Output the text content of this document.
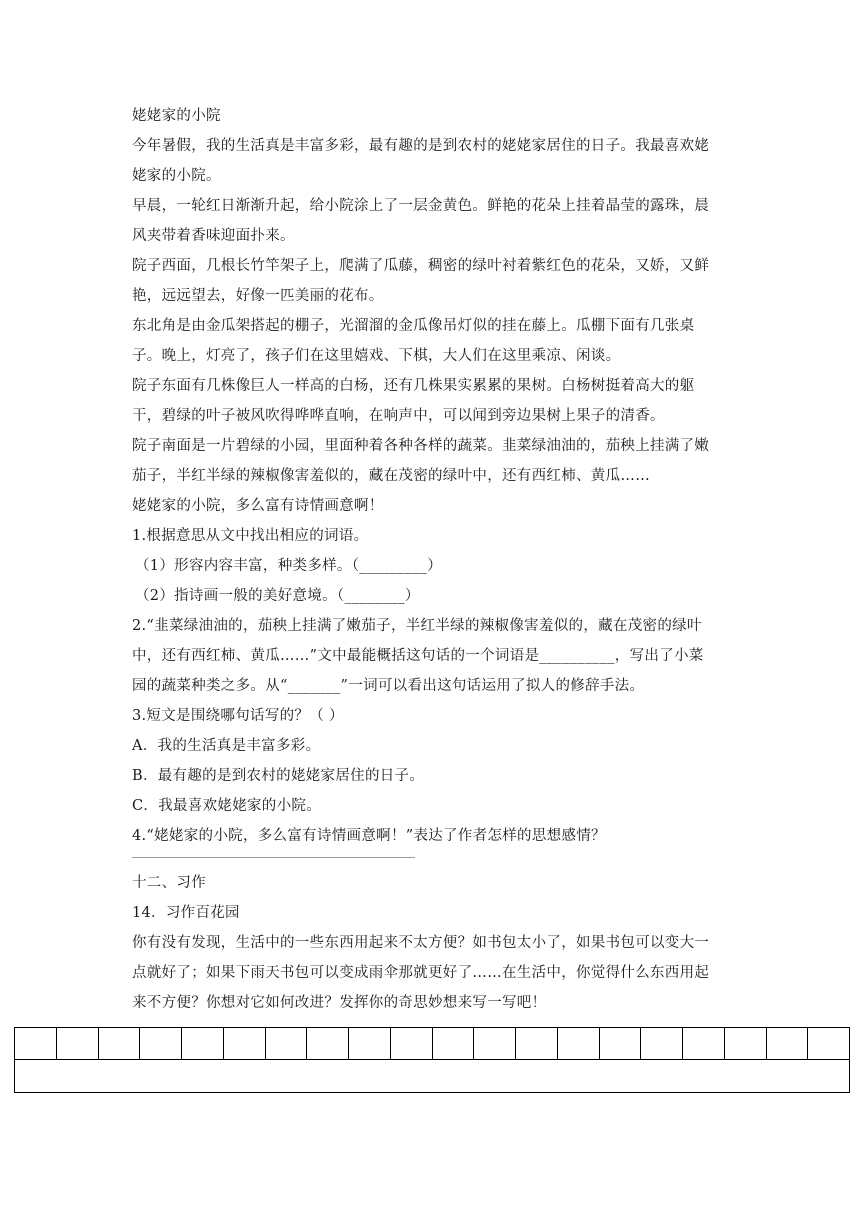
姥姥家的小院
今年暑假，我的生活真是丰富多彩，最有趣的是到农村的姥姥家居住的日子。我最喜欢姥
姥家的小院。
早晨，一轮红日渐渐升起，给小院涂上了一层金黄色。鲜艳的花朵上挂着晶莹的露珠，晨
风夹带着香味迎面扑来。
院子西面，几根长竹竿架子上，爬满了瓜藤，稠密的绿叶衬着紫红色的花朵，又娇，又鲜
艳，远远望去，好像一匹美丽的花布。
东北角是由金瓜架搭起的棚子，光溜溜的金瓜像吊灯似的挂在藤上。瓜棚下面有几张桌
子。晚上，灯亮了，孩子们在这里嬉戏、下棋，大人们在这里乘凉、闲谈。
院子东面有几株像巨人一样高的白杨，还有几株果实累累的果树。白杨树挺着高大的躯
干，碧绿的叶子被风吹得哗哗直响，在响声中，可以闻到旁边果树上果子的清香。
院子南面是一片碧绿的小园，里面种着各种各样的蔬菜。韭菜绿油油的，茄秧上挂满了嫩
茄子，半红半绿的辣椒像害羞似的，藏在茂密的绿叶中，还有西红柿、黄瓜……
姥姥家的小院，多么富有诗情画意啊！
1.根据意思从文中找出相应的词语。
（1）形容内容丰富，种类多样。（_________）
（2）指诗画一般的美好意境。（________）
2.“韭菜绿油油的，茄秧上挂满了嫩茄子，半红半绿的辣椒像害羞似的，藏在茂密的绿叶
中，还有西红柿、黄瓜……”文中最能概括这句话的一个词语是__________，写出了小菜
园的蔬菜种类之多。从“_______”一词可以看出这句话运用了拟人的修辞手法。
3.短文是围绕哪句话写的？（ ）
A．我的生活真是丰富多彩。
B．最有趣的是到农村的姥姥家居住的日子。
C．我最喜欢姥姥家的小院。
4.“姥姥家的小院，多么富有诗情画意啊！”表达了作者怎样的思想感情？
十二、习作
14．习作百花园
你有没有发现，生活中的一些东西用起来不太方便？如书包太小了，如果书包可以变大一
点就好了；如果下雨天书包可以变成雨伞那就更好了……在生活中，你觉得什么东西用起
来不方便？你想对它如何改进？发挥你的奇思妙想来写一写吧！
